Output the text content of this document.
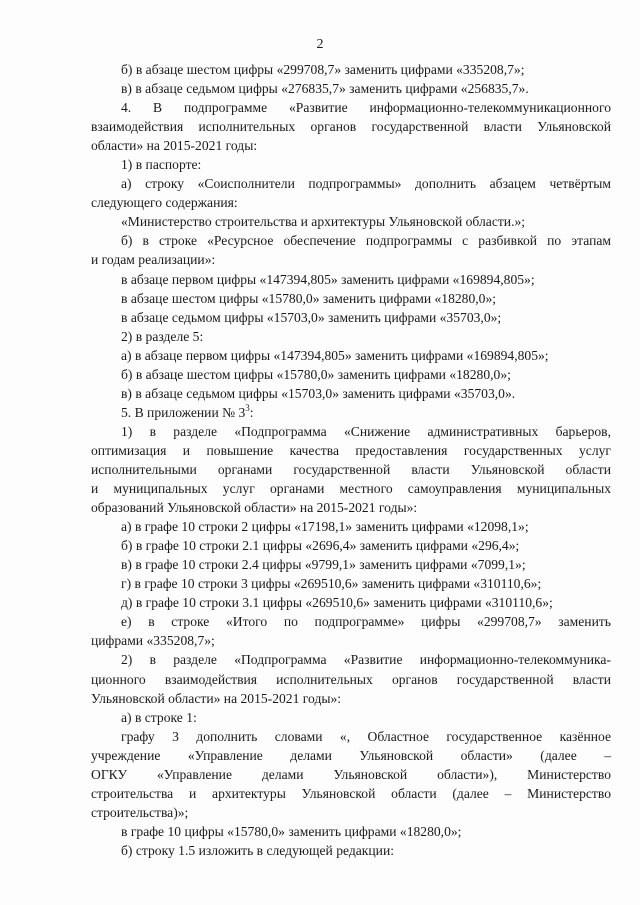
2

б) в абзаце шестом цифры «299708,7» заменить цифрами «335208,7»;

в) в абзаце седьмом цифры «276835,7» заменить цифрами «256835,7».

4. В подпрограмме «Развитие информационно-телекоммуникационного

взаимодействия исполнительных органов государственной власти Ульяновской

области» на 2015-2021 годы:

1) в паспорте:

а) строку «Соисполнители подпрограммы» дополнить абзацем четвёртым

следующего содержания:

«Министерство строительства и архитектуры Ульяновской области.»;

б) в строке «Ресурсное обеспечение подпрограммы с разбивкой по этапам

и годам реализации»:

в абзаце первом цифры «147394,805» заменить цифрами «169894,805»;

в абзаце шестом цифры «15780,0» заменить цифрами «18280,0»;

в абзаце седьмом цифры «15703,0» заменить цифрами «35703,0»;

2) в разделе 5:

а) в абзаце первом цифры «147394,805» заменить цифрами «169894,805»;

б) в абзаце шестом цифры «15780,0» заменить цифрами «18280,0»;

в) в абзаце седьмом цифры «15703,0» заменить цифрами «35703,0».

5. В приложении № $3^3$:

1) в разделе «Подпрограмма «Снижение административных барьеров,

оптимизация и повышение качества предоставления государственных услуг

исполнительными органами государственной власти Ульяновской области

и муниципальных услуг органами местного самоуправления муниципальных

образований Ульяновской области» на 2015-2021 годы»:

а) в графе 10 строки 2 цифры «17198,1» заменить цифрами «12098,1»;

б) в графе 10 строки 2.1 цифры «2696,4» заменить цифрами «296,4»;

в) в графе 10 строки 2.4 цифры «9799,1» заменить цифрами «7099,1»;

г) в графе 10 строки 3 цифры «269510,6» заменить цифрами «310110,6»;

д) в графе 10 строки 3.1 цифры «269510,6» заменить цифрами «310110,6»;

е) в строке «Итого по подпрограмме» цифры «299708,7» заменить

цифрами «335208,7»;

2) в разделе «Подпрограмма «Развитие информационно-телекоммуника-

ционного взаимодействия исполнительных органов государственной власти

Ульяновской области» на 2015-2021 годы»:

а) в строке 1:

графу 3 дополнить словами «, Областное государственное казённое

учреждение «Управление делами Ульяновской области» (далее –

ОГКУ «Управление делами Ульяновской области»), Министерство

строительства и архитектуры Ульяновской области (далее – Министерство

строительства)»;

в графе 10 цифры «15780,0» заменить цифрами «18280,0»;

б) строку 1.5 изложить в следующей редакции:
